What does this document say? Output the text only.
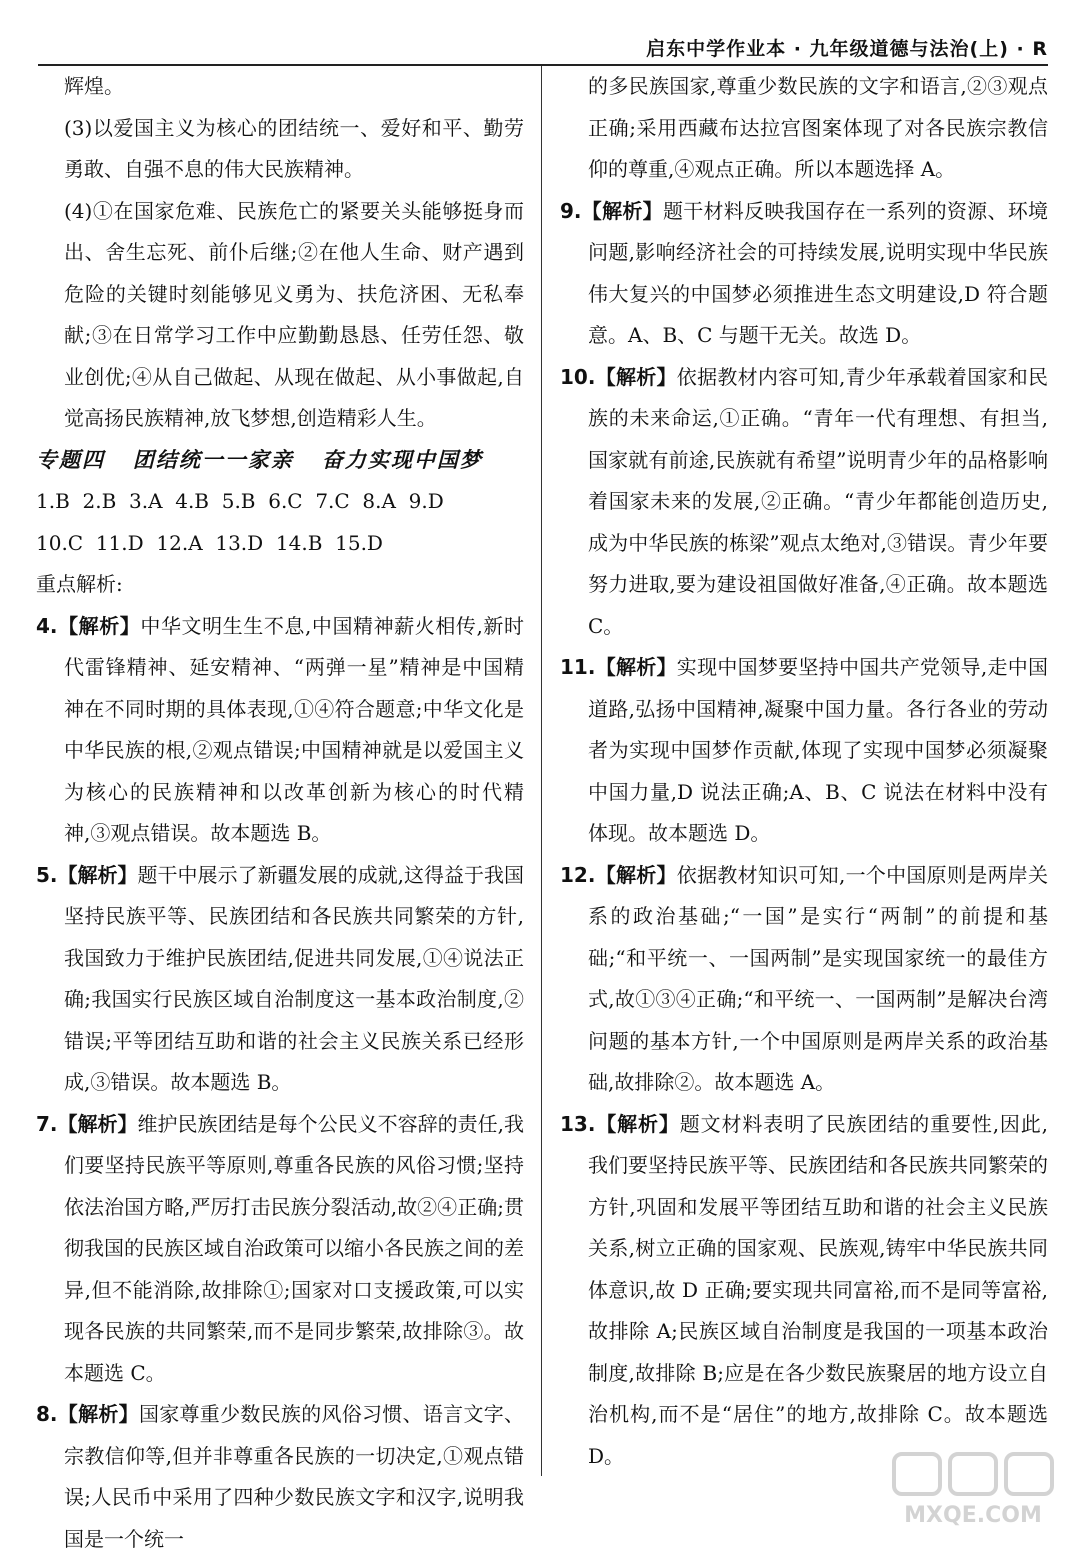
启东中学作业本 · 九年级道德与法治(上) · R

辉煌。

(3)以爱国主义为核心的团结统一、爱好和平、勤劳勇敢、自强不息的伟大民族精神。

(4)①在国家危难、民族危亡的紧要关头能够挺身而出、舍生忘死、前仆后继;②在他人生命、财产遇到危险的关键时刻能够见义勇为、扶危济困、无私奉献;③在日常学习工作中应勤勤恳恳、任劳任怨、敬业创优;④从自己做起、从现在做起、从小事做起,自觉高扬民族精神,放飞梦想,创造精彩人生。

专题四   团结统一一家亲   奋力实现中国梦

1.B  2.B  3.A  4.B  5.B  6.C  7.C  8.A  9.D

10.C  11.D  12.A  13.D  14.B  15.D

重点解析:

4.【解析】中华文明生生不息,中国精神薪火相传,新时代雷锋精神、延安精神、“两弹一星”精神是中国精神在不同时期的具体表现,①④符合题意;中华文化是中华民族的根,②观点错误;中国精神就是以爱国主义为核心的民族精神和以改革创新为核心的时代精神,③观点错误。故本题选 B。

5.【解析】题干中展示了新疆发展的成就,这得益于我国坚持民族平等、民族团结和各民族共同繁荣的方针,我国致力于维护民族团结,促进共同发展,①④说法正确;我国实行民族区域自治制度这一基本政治制度,②错误;平等团结互助和谐的社会主义民族关系已经形成,③错误。故本题选 B。

7.【解析】维护民族团结是每个公民义不容辞的责任,我们要坚持民族平等原则,尊重各民族的风俗习惯;坚持依法治国方略,严厉打击民族分裂活动,故②④正确;贯彻我国的民族区域自治政策可以缩小各民族之间的差异,但不能消除,故排除①;国家对口支援政策,可以实现各民族的共同繁荣,而不是同步繁荣,故排除③。故本题选 C。

8.【解析】国家尊重少数民族的风俗习惯、语言文字、宗教信仰等,但并非尊重各民族的一切决定,①观点错误;人民币中采用了四种少数民族文字和汉字,说明我国是一个统一

的多民族国家,尊重少数民族的文字和语言,②③观点正确;采用西藏布达拉宫图案体现了对各民族宗教信仰的尊重,④观点正确。所以本题选择 A。

9.【解析】题干材料反映我国存在一系列的资源、环境问题,影响经济社会的可持续发展,说明实现中华民族伟大复兴的中国梦必须推进生态文明建设,D 符合题意。A、B、C 与题干无关。故选 D。

10.【解析】依据教材内容可知,青少年承载着国家和民族的未来命运,①正确。“青年一代有理想、有担当,国家就有前途,民族就有希望”说明青少年的品格影响着国家未来的发展,②正确。“青少年都能创造历史,成为中华民族的栋梁”观点太绝对,③错误。青少年要努力进取,要为建设祖国做好准备,④正确。故本题选 C。

11.【解析】实现中国梦要坚持中国共产党领导,走中国道路,弘扬中国精神,凝聚中国力量。各行各业的劳动者为实现中国梦作贡献,体现了实现中国梦必须凝聚中国力量,D 说法正确;A、B、C 说法在材料中没有体现。故本题选 D。

12.【解析】依据教材知识可知,一个中国原则是两岸关系的政治基础;“一国”是实行“两制”的前提和基础;“和平统一、一国两制”是实现国家统一的最佳方式,故①③④正确;“和平统一、一国两制”是解决台湾问题的基本方针,一个中国原则是两岸关系的政治基础,故排除②。故本题选 A。

13.【解析】题文材料表明了民族团结的重要性,因此,我们要坚持民族平等、民族团结和各民族共同繁荣的方针,巩固和发展平等团结互助和谐的社会主义民族关系,树立正确的国家观、民族观,铸牢中华民族共同体意识,故 D 正确;要实现共同富裕,而不是同等富裕,故排除 A;民族区域自治制度是我国的一项基本政治制度,故排除 B;应是在各少数民族聚居的地方设立自治机构,而不是“居住”的地方,故排除 C。故本题选 D。

MXQE.COM
